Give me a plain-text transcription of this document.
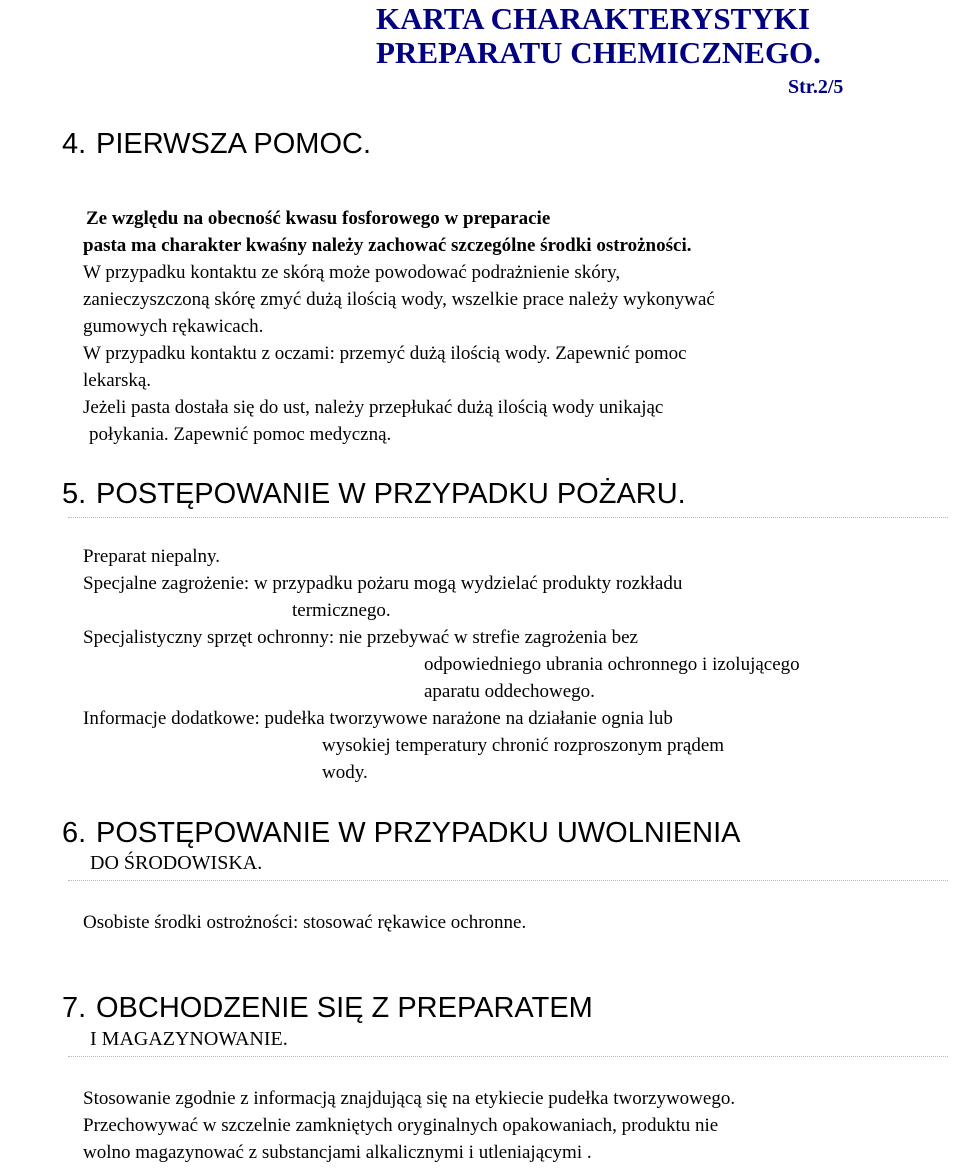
KARTA CHARAKTERYSTYKI
PREPARATU CHEMICZNEGO.
Str.2/5
4. PIERWSZA POMOC.
Ze względu na obecność kwasu fosforowego w preparacie
pasta ma charakter kwaśny należy zachować szczególne środki ostrożności.
W przypadku kontaktu ze skórą może powodować podrażnienie skóry,
zanieczyszczoną skórę zmyć dużą ilością wody, wszelkie prace należy wykonywać
gumowych rękawicach.
W przypadku kontaktu z oczami: przemyć dużą ilością wody. Zapewnić pomoc
lekarską.
Jeżeli pasta dostała się do ust, należy przepłukać dużą ilością wody unikając
połykania. Zapewnić pomoc medyczną.
5. POSTĘPOWANIE W PRZYPADKU POŻARU.
Preparat niepalny.
Specjalne zagrożenie: w przypadku pożaru mogą wydzielać produkty rozkładu
termicznego.
Specjalistyczny sprzęt ochronny: nie przebywać w strefie zagrożenia bez
odpowiedniego ubrania ochronnego i izolującego
aparatu oddechowego.
Informacje dodatkowe: pudełka tworzywowe narażone na działanie ognia lub
wysokiej temperatury chronić rozproszonym prądem
wody.
6. POSTĘPOWANIE W PRZYPADKU UWOLNIENIA
DO ŚRODOWISKA.
Osobiste środki ostrożności: stosować rękawice ochronne.
7. OBCHODZENIE SIĘ Z PREPARATEM
I MAGAZYNOWANIE.
Stosowanie zgodnie z informacją znajdującą się na etykiecie pudełka tworzywowego.
Przechowywać w szczelnie zamkniętych oryginalnych opakowaniach, produktu nie
wolno magazynować z substancjami alkalicznymi i utleniającymi .
